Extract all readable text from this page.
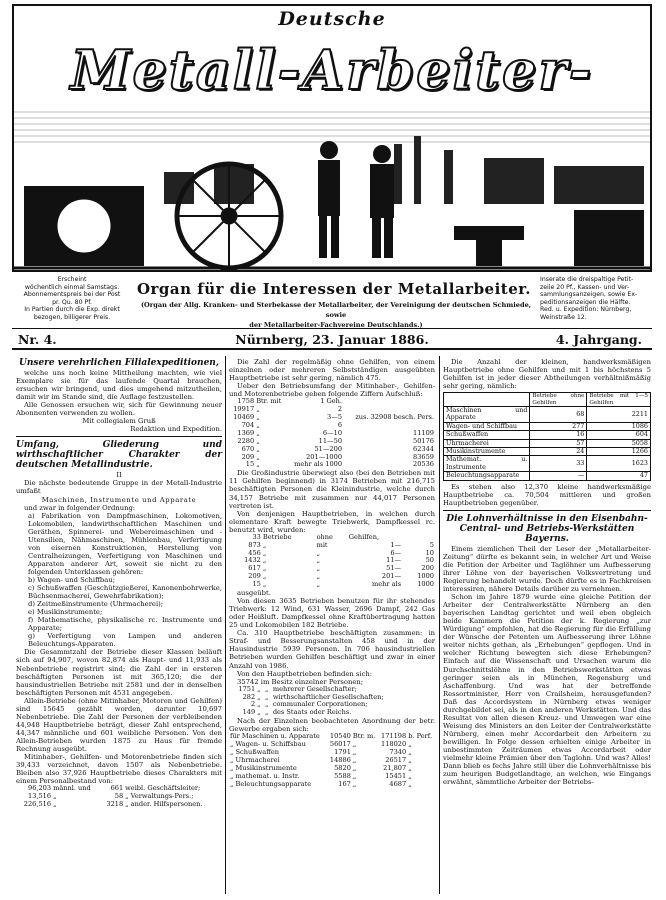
Deutsche
Metall-Arbeiter-
P. FALKENSTEIN DEL.
Erscheint
wöchentlich einmal Samstags.
Abonnementspreis bei der Post
pr. Qu. 80 Pf.
In Partien durch die Exp. direkt
bezogen, billigerer Preis.
Inserate die dreispaltige Petit-
zeile 20 Pf., Kassen- und Ver-
sammlungsanzeigen, sowie Ex-
peditionsanzeigen die Hälfte.
Red. u. Expedition: Nürnberg,
Weinstraße 12.
Organ für die Interessen der Metallarbeiter.
(Organ der Allg. Kranken- und Sterbekasse der Metallarbeiter, der Vereinigung der deutschen Schmiede, sowie
der Metallarbeiter-Fachvereine Deutschlands.)
Nr. 4.	Nürnberg, 23. Januar 1886.	4. Jahrgang.
Unsere verehrlichen Filialexpeditionen,

welche uns noch keine Mittheilung machten, wie viel Exemplare sie für das laufende Quartal brauchen, ersuchen wir bringend, und dies umgehend mitzutheilen, damit wir im Stande sind, die Auflage festzustellen.

Alle Genossen ersuchen wir, sich für Gewinnung neuer Abonnenten verwenden zu wollen.

Mit collegialem Gruß

Redaktion und Expedition.

Umfang, Gliederung und wirthschaftlicher Charakter der deutschen Metallindustrie.

II

Die nächste bedeutende Gruppe in der Metall-Industrie umfaßt

Maschinen, Instrumente und Apparate

und zwar in folgender Ordnung:

a) Fabrikation von Dampfmaschinen, Lokomotiven, Lokomobilen, landwirthschaftlichen Maschinen und Geräthen, Spinnerei- und Webereimaschinen und -Utensilien, Nähmaschinen, Mühlenbau, Verfertigung von eisernen Konstruktionen, Herstellung von Centralheizungen, Verfertigung von Maschinen und Apparaten anderer Art, soweit sie nicht zu den folgenden Unterklassen gehören:

b) Wagen- und Schiffbau;

c) Schußwaffen (Geschützgießerei, Kanonenbohrwerke, Büchsenmacherei, Gewehrfabrikation);

d) Zeitmeßinstrumente (Uhrmacherei);

e) Musikinstrumente;

f) Mathematische, physikalische rc. Instrumente und Apparate;

g) Verfertigung von Lampen und anderen Beleuchtungs-Apparaten.

Die Gesammtzahl der Betriebe dieser Klassen beläuft sich auf 94,907, wovon 82,874 als Haupt- und 11,933 als Nebenbetriebe registrirt sind; die Zahl der in ersteren beschäftigten Personen ist mit 365,120; die der hausindustriellen Betriebe mit 2581 und der in denselben beschäftigten Personen mit 4531 angegeben.

Allein-Betriebe (ohne Mitinhaber, Motoren und Gehilfen) sind 15645 gezählt worden, darunter 10,697 Nebenbetriebe. Die Zahl der Personen der verbleibenden 44,948 Hauptbetriebe beträgt, dieser Zahl entsprechend, 44,347 männliche und 601 weibliche Personen. Von den Allein-Betrieben wurden 1875 zu Haus für fremde Rechnung ausgeübt.

Mitinhaber-, Gehilfen- und Motorenbetriebe finden sich 39,433 verzeichnet, davon 1507 als Nebenbetriebe. Bleiben also 37,926 Hauptbetriebe dieses Charakters mit einem Personalbestand von:

96,203	männl. und	661	weibl. Geschäftsleiter;
13,516	„	58	„ Verwaltungs-Pers.;
226,516	„	3218	„ ander. Hilfspersonen.

Die Zahl der regelmäßig ohne Gehilfen, von einem einzelnen oder mehreren Selbstständigen ausgeübten Hauptbetriebe ist sehr gering, nämlich 475.

Ueber den Betriebsumfang der Mitinhaber-, Gehilfen- und Motorenbetriebe geben folgende Ziffern Aufschluß:

1758	Btr. mit	1 Geh.	
19917	„	2	
10469	„	3—5	zus. 32908 besch. Pers.
704	„	6	
1369	„	6—10	11109
2280	„	11—50	50176
670	„	51—200	62344
209	„	201—1000	83659
15	„	mehr als 1000	20536

Die Großindustrie überwiegt also (bei den Betrieben mit 11 Gehilfen beginnend) in 3174 Betrieben mit 216,715 beschäftigten Personen die Kleinindustrie, welche durch 34,157 Betriebe mit zusammen nur 44,017 Personen vertreten ist.

Von denjenigen Hauptbetrieben, in welchen durch elementare Kraft bewegte Triebwerk, Dampfkessel rc. benutzt wird, wurden:

33	Betriebe	ohne	Gehilfen,	
873	„	mit	1—	5
456	„	„	6—	10
1432	„	„	11—	50
617	„	„	51—	200
209	„	„	201—	1000
15	„	„	mehr als	1000

ausgeübt.

Von diesen 3635 Betrieben benutzen für ihr stehendes Triebwerk: 12 Wind, 631 Wasser, 2696 Dampf, 242 Gas oder Heißluft. Dampfkessel ohne Kraftübertragung hatten 25 und Lokomobilen 182 Betriebe.

Ca. 310 Hauptbetriebe beschäftigten zusammen: in Straf- und Besserungsanstalten 458 und in der Hausindustrie 5939 Personen. In 706 hausindustriellen Betrieben wurden Gehilfen beschäftigt und zwar in einer Anzahl von 1986.

Von den Hauptbetrieben befinden sich:

35742 im Besitz einzelner Personen;

1751	„	„	mehrerer Gesellschafter;
282	„	„	wirthschaftlicher Gesellschaften;
2	„	„	communaler Corporationen;
149	„	„	des Staats oder Reichs.

Nach der Einzelnen beobachteten Anordnung der betr. Gewerbe ergaben sich:

für Maschinen u. Apparate	10540	Btr. m.	171198	b. Perf.
„ Wagen- u. Schiffsbau	56017	„	118020	„
„ Schußwaffen	1791	„	7340	„
„ Uhrmacherei	14886	„	26517	„
„ Musikinstrumente	5820	„	21,807	„
„ mathemat. u. Instr.	5588	„	15451	„
„ Beleuchtungsapparate	167	„	4687	„

Die Anzahl der kleinen, handwerksmäßigen Hauptbetriebe ohne Gehilfen und mit 1 bis höchstens 5 Gehilfen ist in jeder dieser Abtheilungen verhältnißmäßig sehr gering, nämlich:

	Betriebe ohne Gehilfen	Betriebe mit 1—5 Gehilfen
Maschinen und Apparate	68	2211
Wagen- und Schiffbau	277	1086
Schußwaffen	16	604
Uhrmacherei	57	5058
Musikinstrumente	24	1266
Mathemat. u. Instrumente	33	1623
Beleuchtungsapparate	—	47

Es stehen also 12,370 kleine handwerksmäßige Hauptbetriebe ca. 70,504 mittleren und großen Hauptbetrieben gegenüber.

Die Lohnverhältnisse in den Eisenbahn-Central- und Betriebs-Werkstätten Bayerns.

Einem ziemlichen Theil der Leser der „Metallarbeiter-Zeitung“ dürfte es bekannt sein, in welcher Art und Weise die Petition der Arbeiter und Taglöhner um Aufbesserung ihrer Löhne von der bayerischen Volksvertretung und Regierung behandelt wurde. Doch dürfte es in Fachkreisen interessiren, nähere Details darüber zu vernehmen.

Schon im Jahre 1879 wurde eine gleiche Petition der Arbeiter der Centralwerkstätte Nürnberg an den bayerischen Landtag gerichtet und weil eben obgleich beide Kammern die Petition der k. Regierung „zur Würdigung“ empfohlen, hat die Regierung für die Erfüllung der Wünsche der Petenten um Aufbesserung ihrer Löhne weiter nichts gethan, als „Erhebungen“ gepflogen. Und in welcher Richtung bewegten sich diese Erhebungen? Einfach auf die Wissenschaft und Ursachen warum die Durchschnittslöhne in den Betriebswerkstätten etwas geringer seien als in München, Regensburg und Aschaffenburg. Und was hat der betreffende Ressortminister, Herr von Crailsheim, herausgefunden? Daß das Accordsystem in Nürnberg etwas weniger durchgebildet sei, als in den anderen Werkstätten. Und das Resultat von allen diesen Kreuz- und Umwegen war eine Weisung des Ministers an den Leiter der Centralwerkstätte Nürnberg, einen mehr Accordarbeit den Arbeitern zu bewilligen. In Folge dessen erhielten einige Arbeiter in unbestimmten Zeiträumen etwas Accordarbeit oder vielmehr kleine Prämien über den Taglohn. Und was? Alles! Dann blieb es fechs Jahre still über die Lohnverhältnisse bis zum heurigen Budgetlandtage, an welchen, wie Eingangs erwähnt, sämmtliche Arbeiter der Betriebs-
